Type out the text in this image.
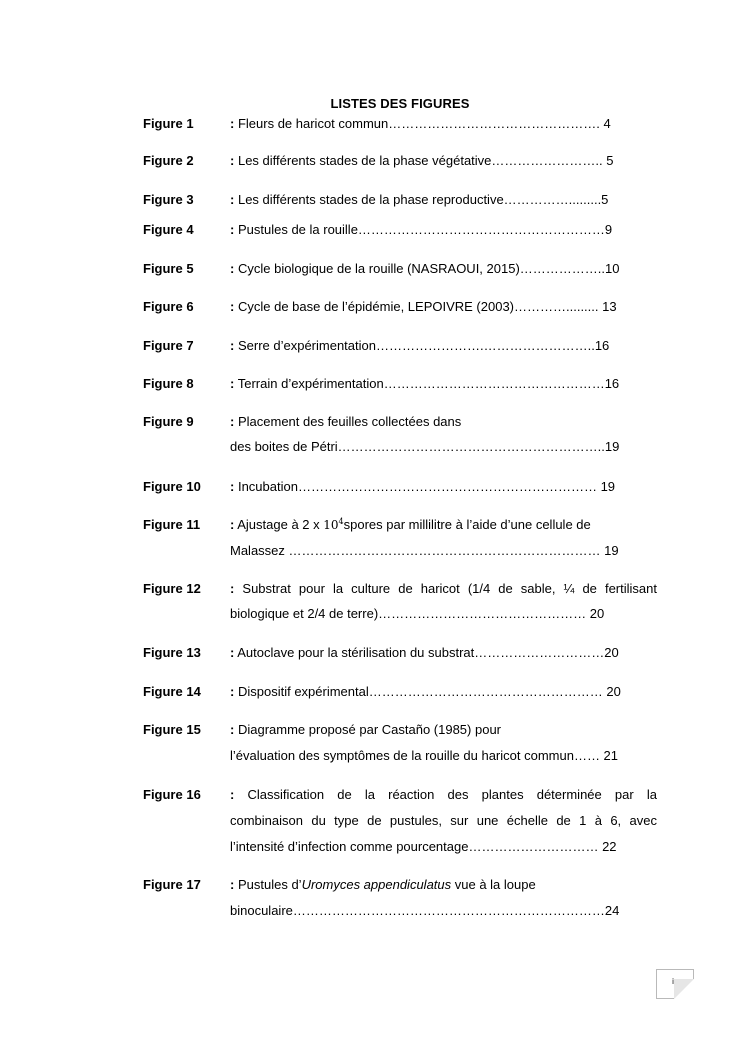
LISTES DES FIGURES
Figure 1	: Fleurs de haricot commun…………………………………………. 4
Figure 2	: Les différents stades de la phase végétative…………………….. 5
Figure 3	: Les différents stades de la phase reproductive…………….........5
Figure 4	: Pustules de la rouille…………………………………………………9
Figure 5	: Cycle biologique de la rouille (NASRAOUI, 2015)………………..10
Figure 6	: Cycle de base de l’épidémie, LEPOIVRE (2003)…………......... 13
Figure 7	: Serre d’expérimentation…………………….……………………..16
Figure 8	: Terrain d’expérimentation……………………………………………16
Figure 9	: Placement des feuilles collectées dans
des boites de Pétri……………………………………………………..19
Figure 10 : Incubation…………………………………………………………… 19
Figure 11 : Ajustage à 2 x $10^4spores$ par millilitre à l’aide d’une cellule de
Malassez ……………………………………………………………… 19
Figure 12 : Substrat pour la culture de haricot (1/4 de sable, ¼ de fertilisant
biologique et 2/4 de terre)………………………………………… 20
Figure 13 : Autoclave pour la stérilisation du substrat…………………………20
Figure 14 : Dispositif expérimental……………………………………………… 20
Figure 15 : Diagramme proposé par Castaño (1985) pour
l’évaluation des symptômes de la rouille du haricot commun…… 21
Figure 16 : Classification de la réaction des plantes déterminée par la
combinaison du type de pustules, sur une échelle de 1 à 6, avec
l’intensité d’infection comme pourcentage………………………… 22
Figure 17 : Pustules d’Uromyces appendiculatus vue à la loupe
binoculaire………………………………………………………………24
ix
